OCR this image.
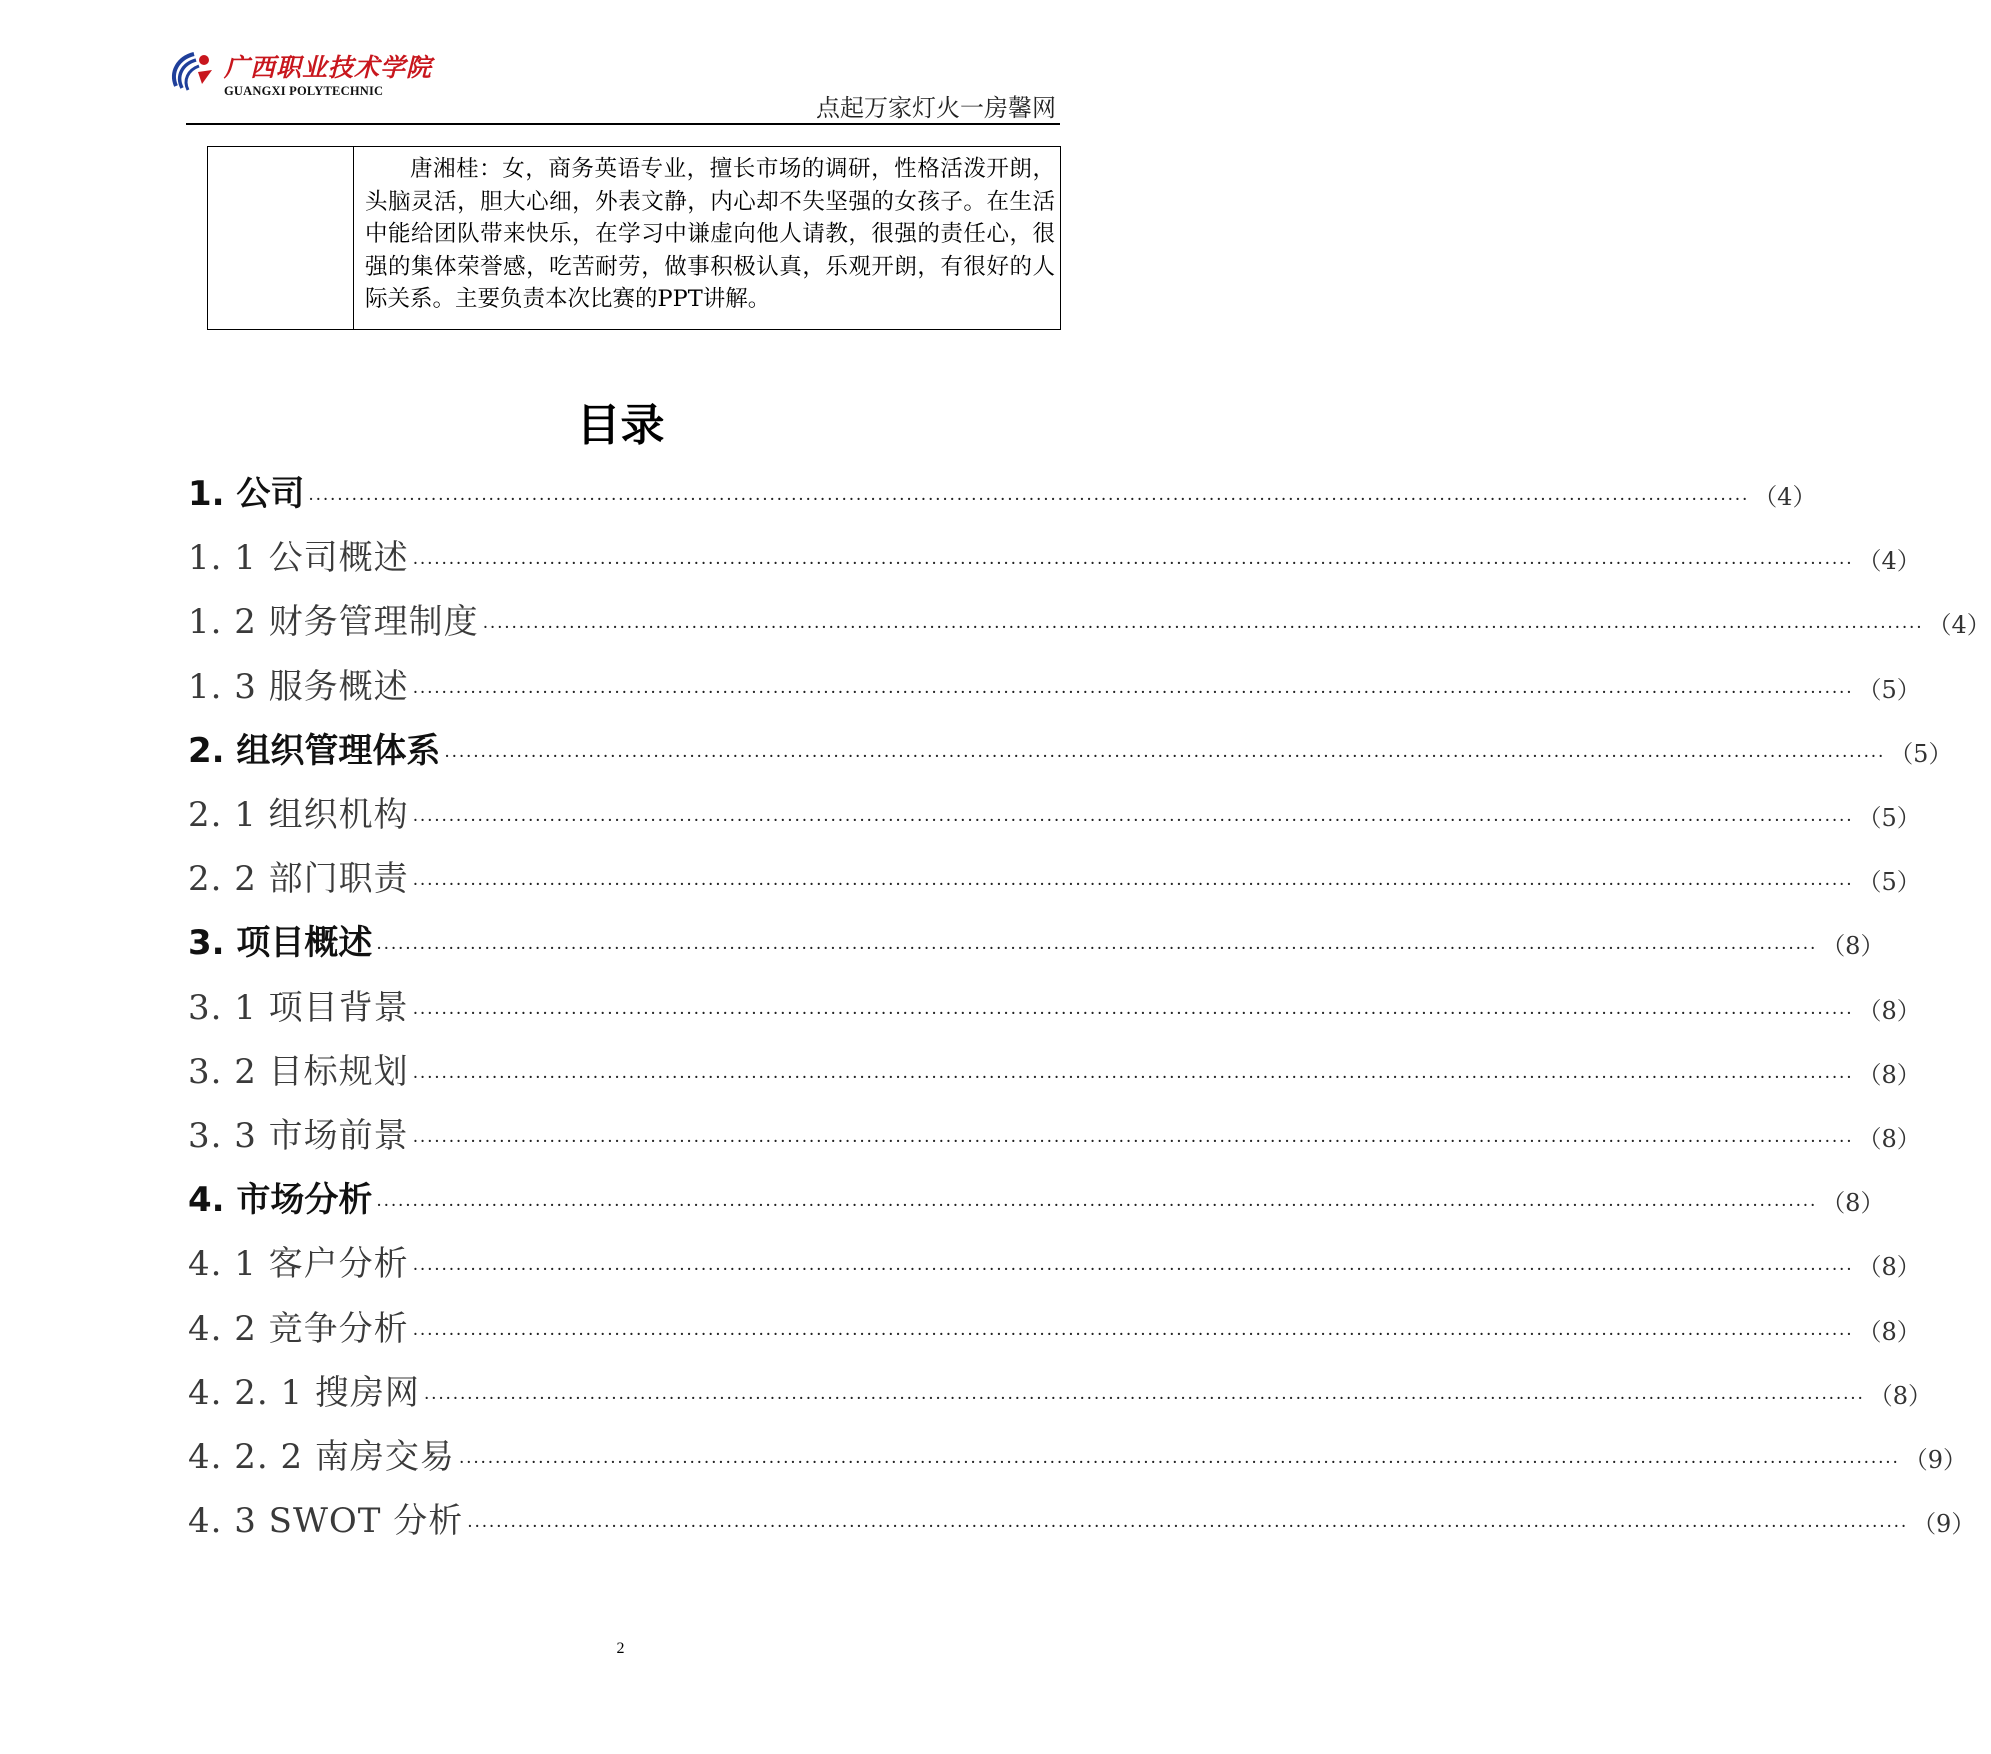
广西职业技术学院
GUANGXI POLYTECHNIC
点起万家灯火一房馨网
唐湘桂：女，商务英语专业，擅长市场的调研，性格活泼开朗，头脑灵活，胆大心细，外表文静，内心却不失坚强的女孩子。在生活中能给团队带来快乐，在学习中谦虚向他人请教，很强的责任心，很强的集体荣誉感，吃苦耐劳，做事积极认真，乐观开朗，有很好的人际关系。主要负责本次比赛的PPT讲解。
目录
1. 公司 ········································································································································································································ （4）
1. 1 公司概述 ········································································································································································································ （4）
1. 2 财务管理制度 ········································································································································································································ （4）
1. 3 服务概述 ········································································································································································································ （5）
2. 组织管理体系 ········································································································································································································ （5）
2. 1 组织机构 ········································································································································································································ （5）
2. 2 部门职责 ········································································································································································································ （5）
3. 项目概述 ········································································································································································································ （8）
3. 1 项目背景 ········································································································································································································ （8）
3. 2 目标规划 ········································································································································································································ （8）
3. 3 市场前景 ········································································································································································································ （8）
4. 市场分析 ········································································································································································································ （8）
4. 1 客户分析 ········································································································································································································ （8）
4. 2 竞争分析 ········································································································································································································ （8）
4. 2. 1 搜房网 ········································································································································································································ （8）
4. 2. 2 南房交易 ········································································································································································································ （9）
4. 3 SWOT 分析 ········································································································································································································ （9）
2
